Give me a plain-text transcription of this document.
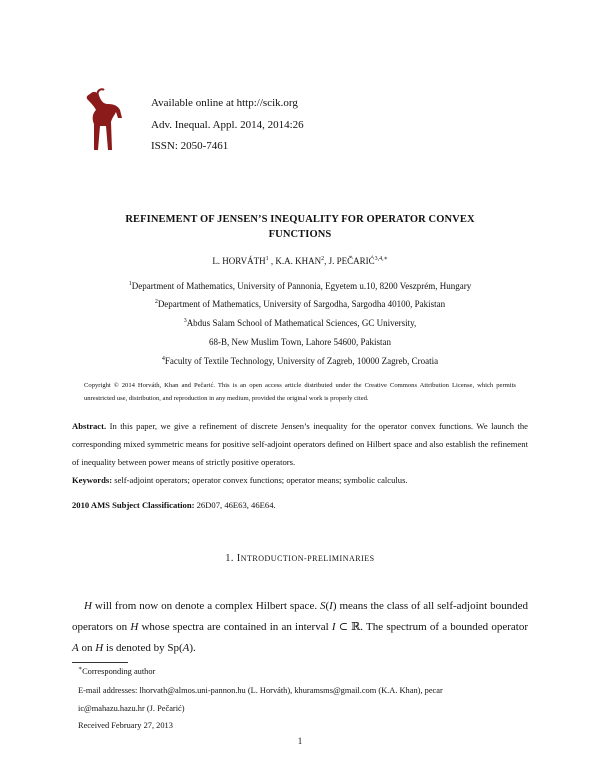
Available online at http://scik.org
Adv. Inequal. Appl. 2014, 2014:26
ISSN: 2050-7461
REFINEMENT OF JENSEN’S INEQUALITY FOR OPERATOR CONVEX
FUNCTIONS
L. HORVÁTH$^1$ , K.A. KHAN$^2$, J. $PEČARIĆ^{3,4,∗}$
$^1$Department of Mathematics, University of Pannonia, Egyetem u.10, 8200 Veszprém, Hungary
$^2$Department of Mathematics, University of Sargodha, Sargodha 40100, Pakistan
$^3$Abdus Salam School of Mathematical Sciences, GC University,
68-B, New Muslim Town, Lahore 54600, Pakistan
$^4$Faculty of Textile Technology, University of Zagreb, 10000 Zagreb, Croatia
Copyright © 2014 Horváth, Khan and Pečarić. This is an open access article distributed under the Creative Commons Attribution License, which permits unrestricted use, distribution, and reproduction in any medium, provided the original work is properly cited.
Abstract. In this paper, we give a refinement of discrete Jensen’s inequality for the operator convex functions. We launch the corresponding mixed symmetric means for positive self-adjoint operators defined on Hilbert space and also establish the refinement of inequality between power means of strictly positive operators.
Keywords: self-adjoint operators; operator convex functions; operator means; symbolic calculus.
2010 AMS Subject Classification: 26D07, 46E63, 46E64.
1. INTRODUCTION-PRELIMINARIES

H will from now on denote a complex Hilbert space. S(I) means the class of all self-adjoint bounded operators on H whose spectra are contained in an interval I ⊂ ℝ. The spectrum of a bounded operator A on H is denoted by Sp(A).

∗Corresponding author
E-mail addresses: lhorvath@almos.uni-pannon.hu (L. Horváth), khuramsms@gmail.com (K.A. Khan), pecar
ic@mahazu.hazu.hr (J. Pečarić)
Received February 27, 2013
1
